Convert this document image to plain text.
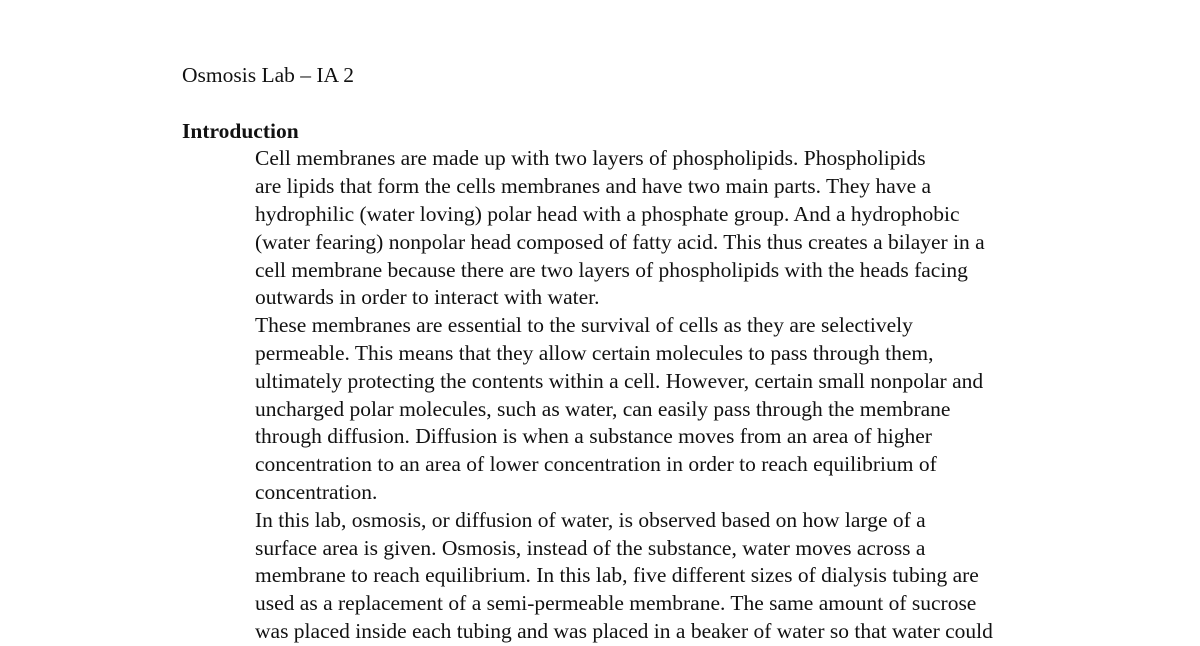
Osmosis Lab – IA 2
Introduction

Cell membranes are made up with two layers of phospholipids. Phospholipids
are lipids that form the cells membranes and have two main parts. They have a
hydrophilic (water loving) polar head with a phosphate group. And a hydrophobic
(water fearing) nonpolar head composed of fatty acid. This thus creates a bilayer in a
cell membrane because there are two layers of phospholipids with the heads facing
outwards in order to interact with water.

These membranes are essential to the survival of cells as they are selectively
permeable. This means that they allow certain molecules to pass through them,
ultimately protecting the contents within a cell. However, certain small nonpolar and
uncharged polar molecules, such as water, can easily pass through the membrane
through diffusion. Diffusion is when a substance moves from an area of higher
concentration to an area of lower concentration in order to reach equilibrium of
concentration.

In this lab, osmosis, or diffusion of water, is observed based on how large of a
surface area is given. Osmosis, instead of the substance, water moves across a
membrane to reach equilibrium. In this lab, five different sizes of dialysis tubing are
used as a replacement of a semi-permeable membrane. The same amount of sucrose
was placed inside each tubing and was placed in a beaker of water so that water could
